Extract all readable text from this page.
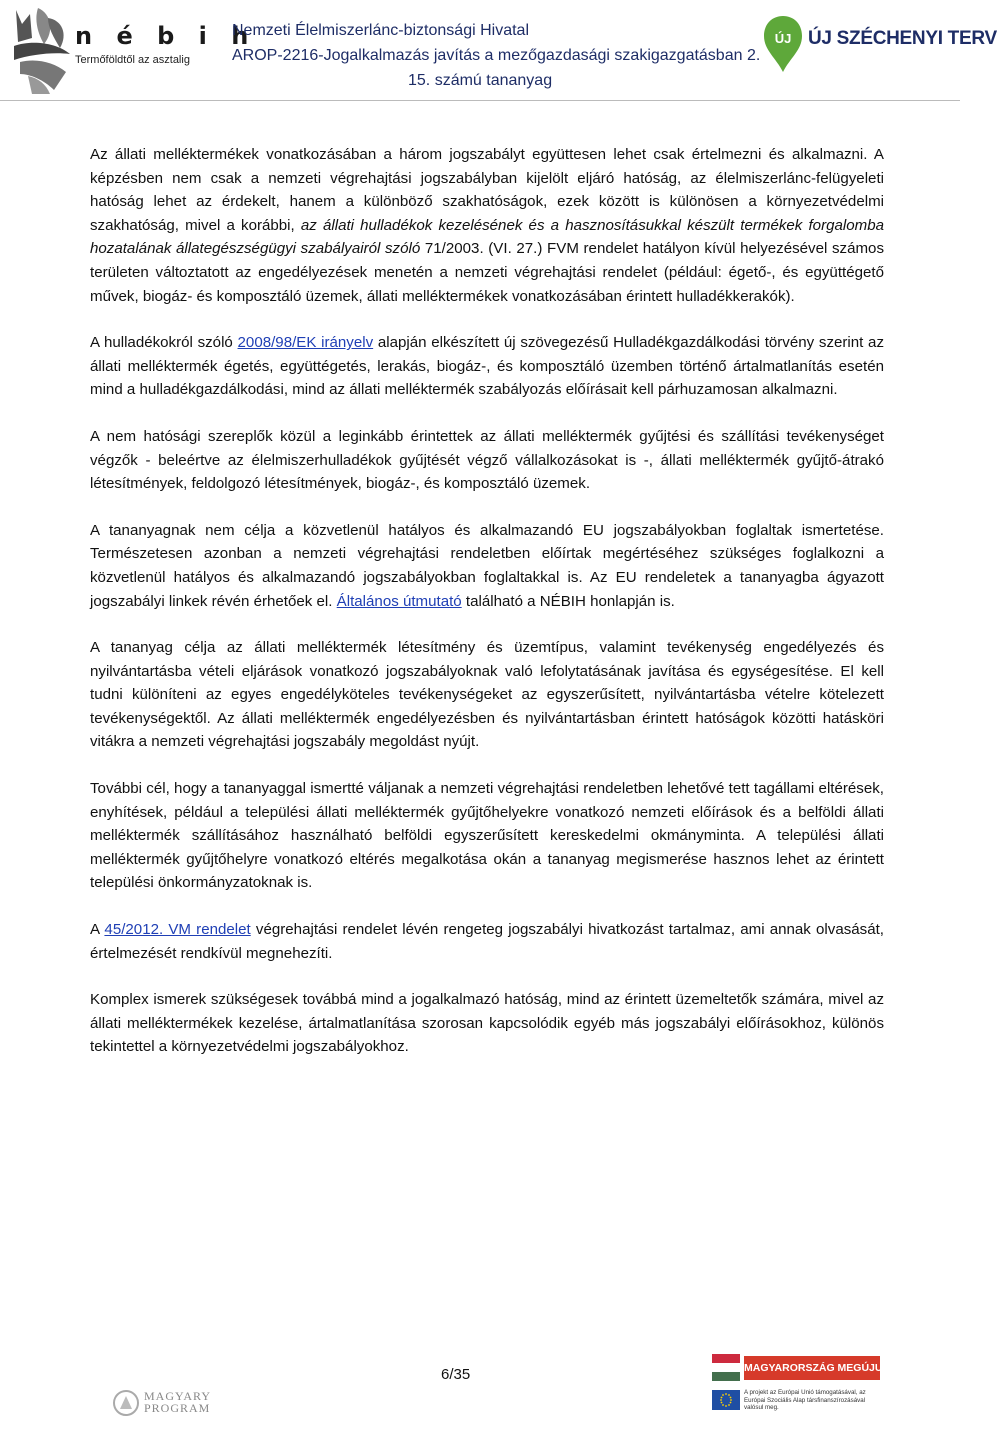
n é b i h
Termőföldtől az asztalig
Nemzeti Élelmiszerlánc-biztonsági Hivatal
AROP-2216-Jogalkalmazás javítás a mezőgazdasági szakigazgatásban 2.
15. számú tananyag
ÚJ ÚJ SZÉCHENYI TERV

Az állati melléktermékek vonatkozásában a három jogszabályt együttesen lehet csak értelmezni és alkalmazni. A képzésben nem csak a nemzeti végrehajtási jogszabályban kijelölt eljáró hatóság, az élelmiszerlánc-felügyeleti hatóság lehet az érdekelt, hanem a különböző szakhatóságok, ezek között is különösen a környezetvédelmi szakhatóság, mivel a korábbi, az állati hulladékok kezelésének és a hasznosításukkal készült termékek forgalomba hozatalának állategészségügyi szabályairól szóló 71/2003. (VI. 27.) FVM rendelet hatályon kívül helyezésével számos területen változtatott az engedélyezések menetén a nemzeti végrehajtási rendelet (például: égető-, és együttégető művek, biogáz- és komposztáló üzemek, állati melléktermékek vonatkozásában érintett hulladékkerakók).

A hulladékokról szóló 2008/98/EK irányelv alapján elkészített új szövegezésű Hulladékgazdálkodási törvény szerint az állati melléktermék égetés, együttégetés, lerakás, biogáz-, és komposztáló üzemben történő ártalmatlanítás esetén mind a hulladékgazdálkodási, mind az állati melléktermék szabályozás előírásait kell párhuzamosan alkalmazni.

A nem hatósági szereplők közül a leginkább érintettek az állati melléktermék gyűjtési és szállítási tevékenységet végzők - beleértve az élelmiszerhulladékok gyűjtését végző vállalkozásokat is -, állati melléktermék gyűjtő-átrakó létesítmények, feldolgozó létesítmények, biogáz-, és komposztáló üzemek.

A tananyagnak nem célja a közvetlenül hatályos és alkalmazandó EU jogszabályokban foglaltak ismertetése. Természetesen azonban a nemzeti végrehajtási rendeletben előírtak megértéséhez szükséges foglalkozni a közvetlenül hatályos és alkalmazandó jogszabályokban foglaltakkal is. Az EU rendeletek a tananyagba ágyazott jogszabályi linkek révén érhetőek el. Általános útmutató található a NÉBIH honlapján is.

A tananyag célja az állati melléktermék létesítmény és üzemtípus, valamint tevékenység engedélyezés és nyilvántartásba vételi eljárások vonatkozó jogszabályoknak való lefolytatásának javítása és egységesítése. El kell tudni különíteni az egyes engedélyköteles tevékenységeket az egyszerűsített, nyilvántartásba vételre kötelezett tevékenységektől. Az állati melléktermék engedélyezésben és nyilvántartásban érintett hatóságok közötti hatásköri vitákra a nemzeti végrehajtási jogszabály megoldást nyújt.

További cél, hogy a tananyaggal ismertté váljanak a nemzeti végrehajtási rendeletben lehetővé tett tagállami eltérések, enyhítések, például a települési állati melléktermék gyűjtőhelyekre vonatkozó nemzeti előírások és a belföldi állati melléktermék szállításához használható belföldi egyszerűsített kereskedelmi okmányminta. A települési állati melléktermék gyűjtőhelyre vonatkozó eltérés megalkotása okán a tananyag megismerése hasznos lehet az érintett települési önkormányzatoknak is.

A 45/2012. VM rendelet végrehajtási rendelet lévén rengeteg jogszabályi hivatkozást tartalmaz, ami annak olvasását, értelmezését rendkívül megnehezíti.

Komplex ismerek szükségesek továbbá mind a jogalkalmazó hatóság, mind az érintett üzemeltetők számára, mivel az állati melléktermékek kezelése, ártalmatlanítása szorosan kapcsolódik egyéb más jogszabályi előírásokhoz, különös tekintettel a környezetvédelmi jogszabályokhoz.

6/35
MAGYARY
PROGRAM
MAGYARORSZÁG MEGÚJUL
A projekt az Európai Unió támogatásával, az Európai Szociális Alap társfinanszírozásával valósul meg.
